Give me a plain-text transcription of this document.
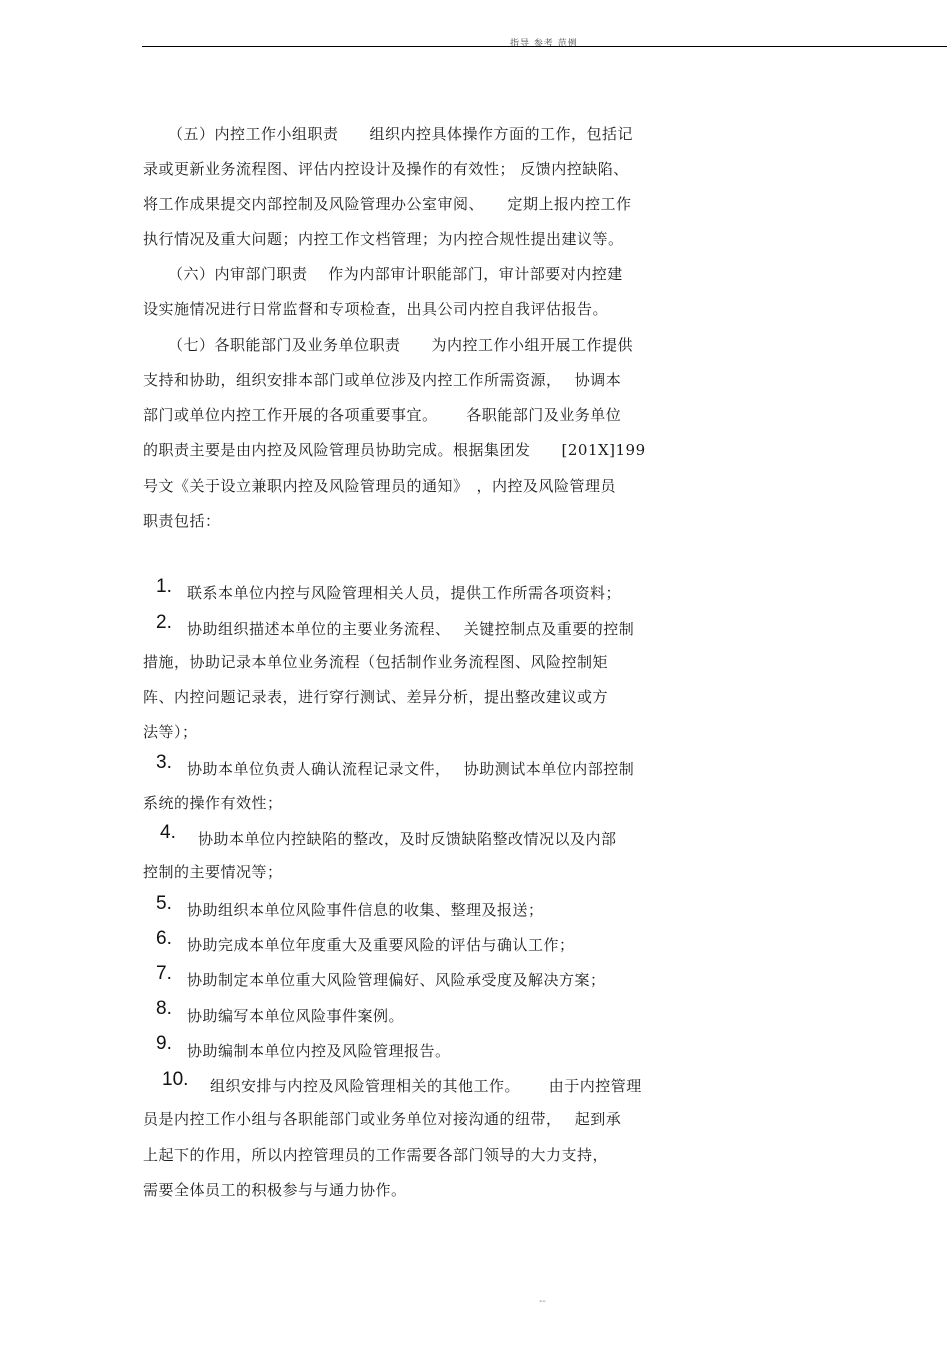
指导 参考 范例
（五）内控工作小组职责　　组织内控具体操作方面的工作，包括记
录或更新业务流程图、评估内控设计及操作的有效性； 反馈内控缺陷、
将工作成果提交内部控制及风险管理办公室审阅、　　定期上报内控工作
执行情况及重大问题；内控工作文档管理；为内控合规性提出建议等。
（六）内审部门职责　 作为内部审计职能部门，审计部要对内控建
设实施情况进行日常监督和专项检查，出具公司内控自我评估报告。
（七）各职能部门及业务单位职责　　为内控工作小组开展工作提供
支持和协助，组织安排本部门或单位涉及内控工作所需资源，　 协调本
部门或单位内控工作开展的各项重要事宜。　　 各职能部门及业务单位
的职责主要是由内控及风险管理员协助完成。根据集团发　　[201X]199
号文《关于设立兼职内控及风险管理员的通知》　，内控及风险管理员
职责包括：
1. 联系本单位内控与风险管理相关人员，提供工作所需各项资料；
2. 协助组织描述本单位的主要业务流程、　 关键控制点及重要的控制
措施，协助记录本单位业务流程（包括制作业务流程图、风险控制矩
阵、内控问题记录表，进行穿行测试、差异分析，提出整改建议或方
法等）；
3. 协助本单位负责人确认流程记录文件，　 协助测试本单位内部控制
系统的操作有效性；
4. 协助本单位内控缺陷的整改，及时反馈缺陷整改情况以及内部
控制的主要情况等；
5. 协助组织本单位风险事件信息的收集、整理及报送；
6. 协助完成本单位年度重大及重要风险的评估与确认工作；
7. 协助制定本单位重大风险管理偏好、风险承受度及解决方案；
8. 协助编写本单位风险事件案例。
9. 协助编制本单位内控及风险管理报告。
10. 组织安排与内控及风险管理相关的其他工作。　　 由于内控管理
员是内控工作小组与各职能部门或业务单位对接沟通的纽带，　 起到承
上起下的作用，所以内控管理员的工作需要各部门领导的大力支持，
需要全体员工的积极参与与通力协作。
--
